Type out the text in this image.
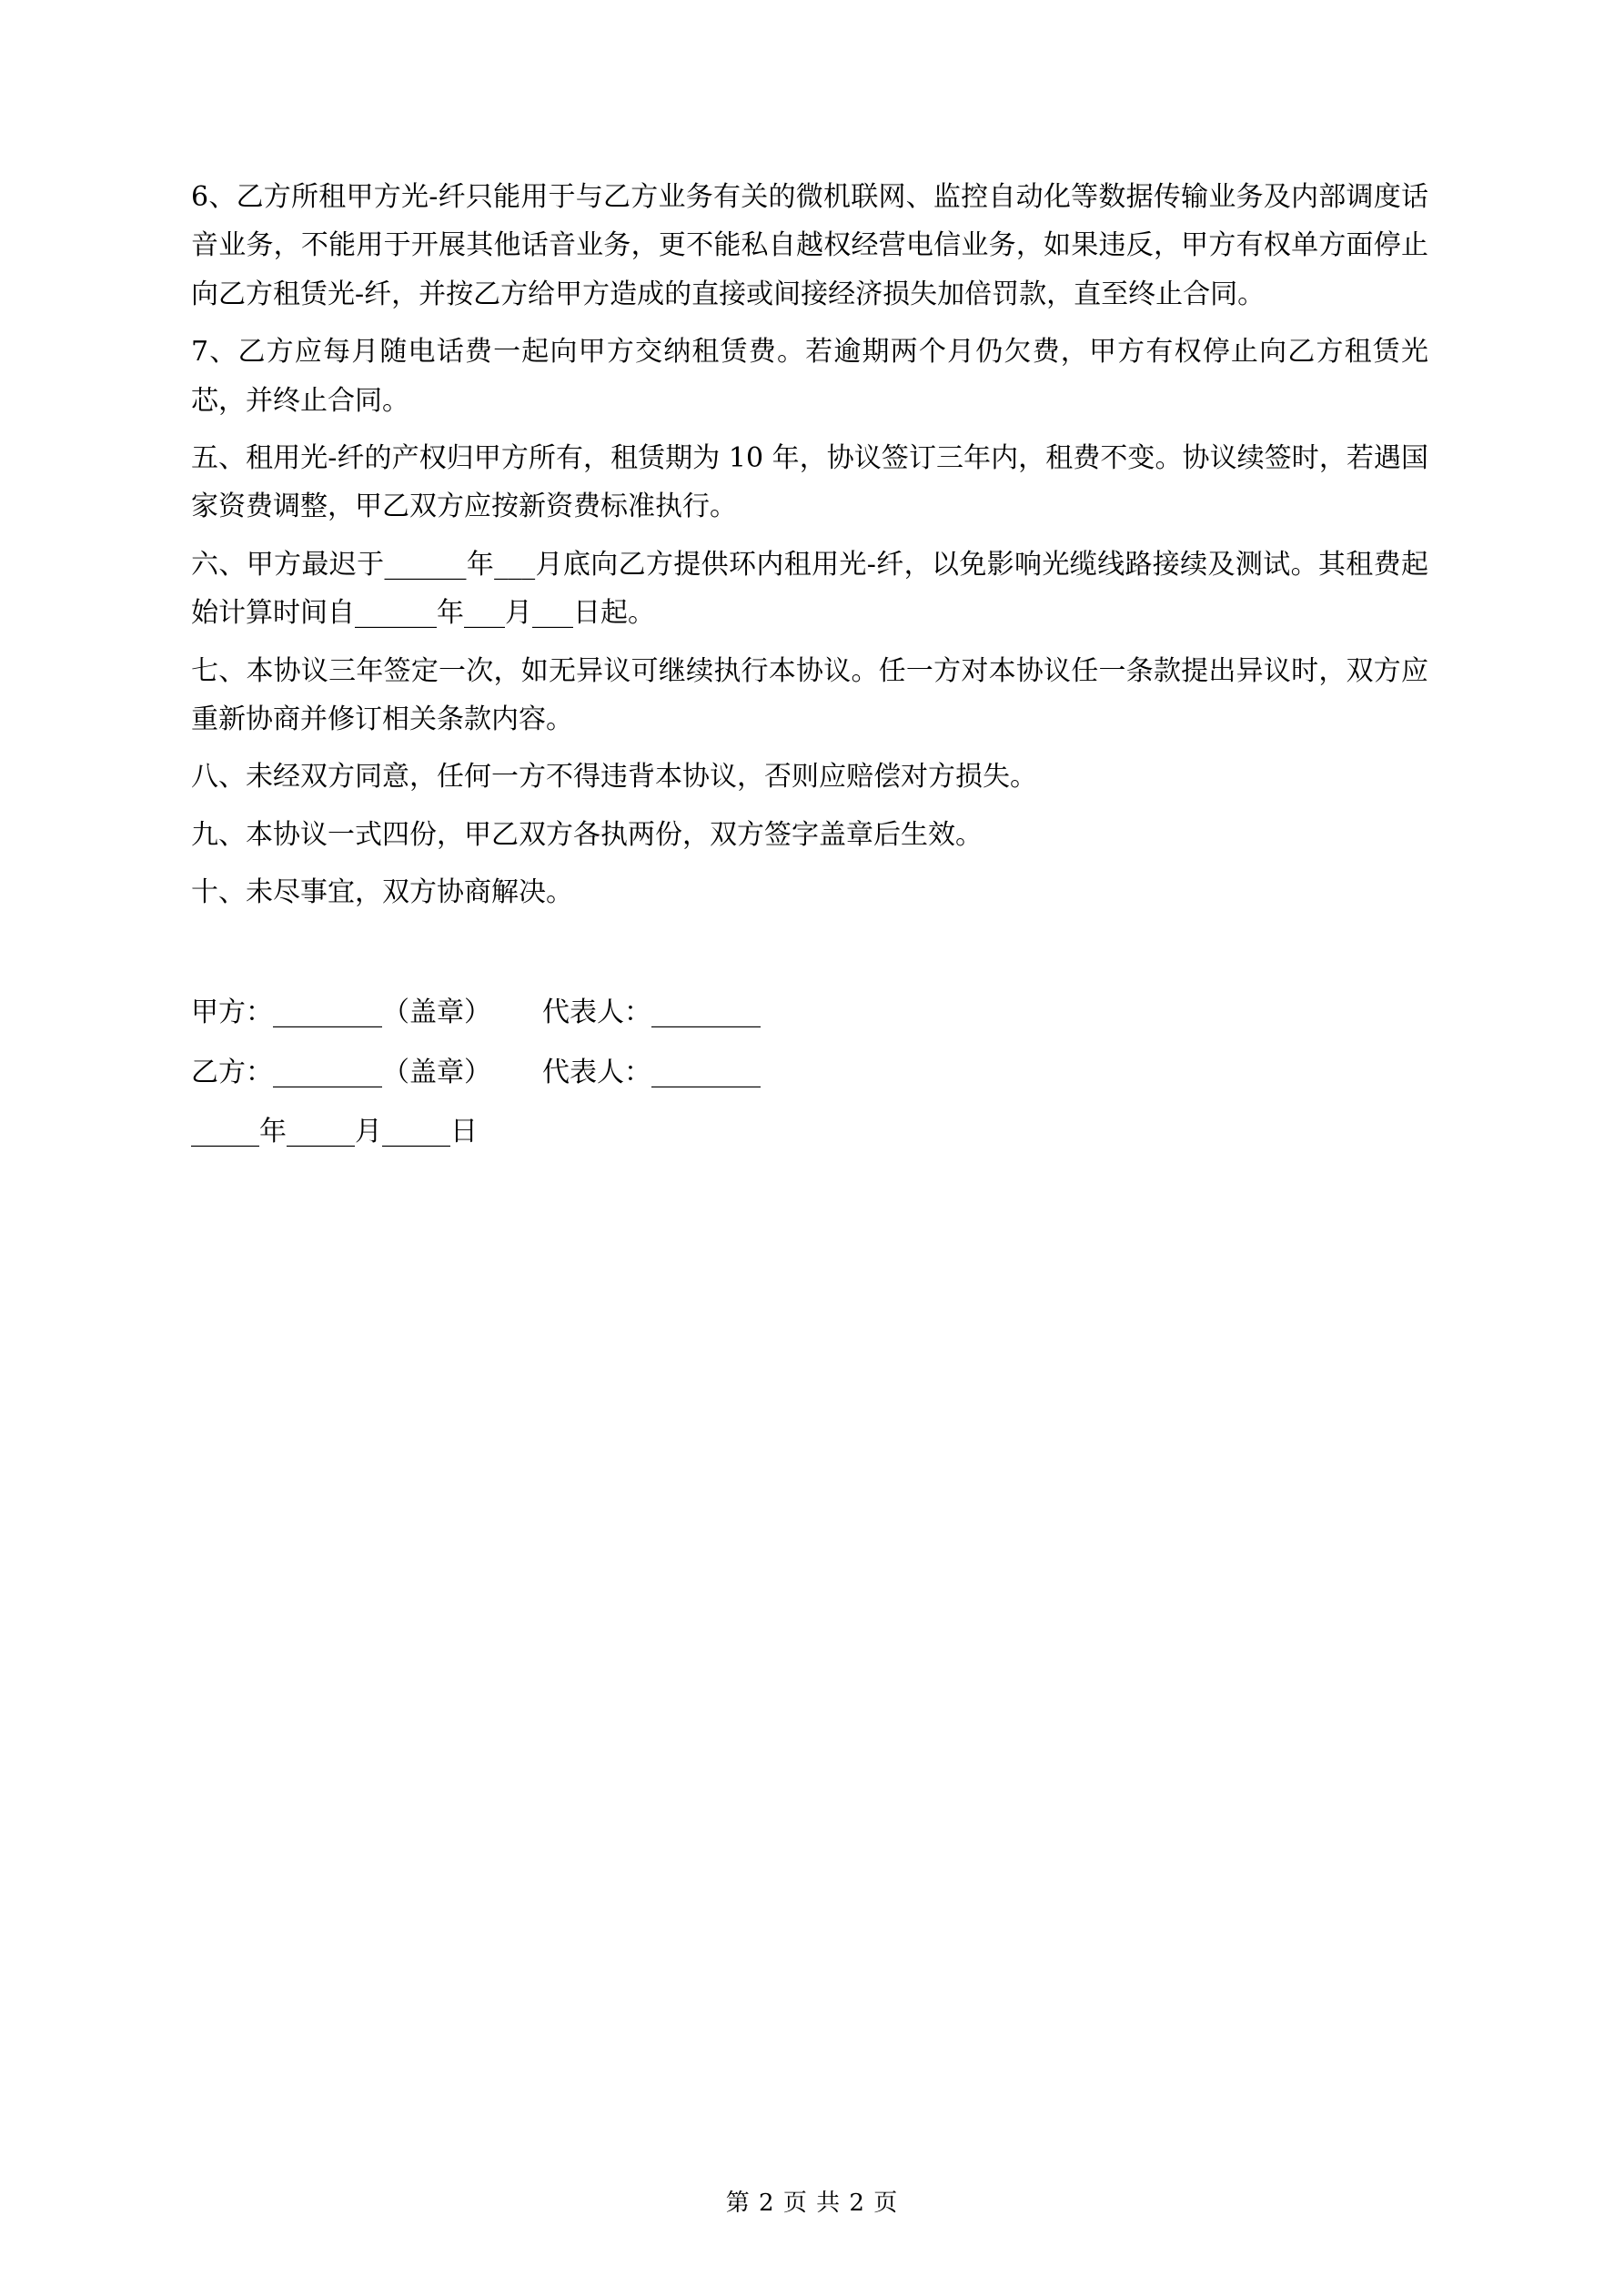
6、乙方所租甲方光-纤只能用于与乙方业务有关的微机联网、监控自动化等数据传输业务及内部调度话音业务，不能用于开展其他话音业务，更不能私自越权经营电信业务，如果违反，甲方有权单方面停止向乙方租赁光-纤，并按乙方给甲方造成的直接或间接经济损失加倍罚款，直至终止合同。

7、乙方应每月随电话费一起向甲方交纳租赁费。若逾期两个月仍欠费，甲方有权停止向乙方租赁光芯，并终止合同。

五、租用光-纤的产权归甲方所有，租赁期为 10 年，协议签订三年内，租费不变。协议续签时，若遇国家资费调整，甲乙双方应按新资费标准执行。

六、甲方最迟于______年___月底向乙方提供环内租用光-纤，以免影响光缆线路接续及测试。其租费起始计算时间自______年___月___日起。

七、本协议三年签定一次，如无异议可继续执行本协议。任一方对本协议任一条款提出异议时，双方应重新协商并修订相关条款内容。

八、未经双方同意，任何一方不得违背本协议，否则应赔偿对方损失。

九、本协议一式四份，甲乙双方各执两份，双方签字盖章后生效。

十、未尽事宜，双方协商解决。

甲方：________（盖章） 代表人：________
乙方：________（盖章） 代表人：________
_____年_____月_____日
第 2 页 共 2 页
